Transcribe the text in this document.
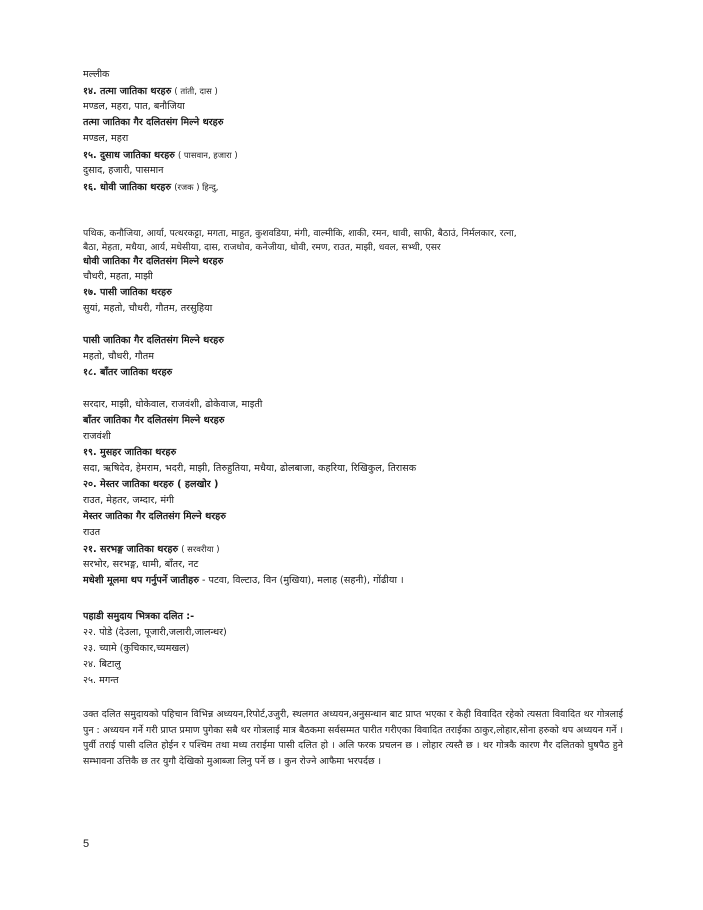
मल्लीक
१४. तत्मा जातिका थरहरु ( तांती, दास )
मण्डल, महरा, पात, बनौजिया
तत्मा जातिका गैर दलितसंग मिल्ने थरहरु
मण्डल, महरा
१५. दुसाध जातिका थरहरु ( पासवान, हजारा )
दुसाद, हजारी, पासमान
१६. धोवी जातिका थरहरु (रजक ) हिन्दु,
पथिक, कनौजिया, आर्या, पत्थरकट्टा, मगता, माहुत, कुशवडिया, मंगी, वाल्मीकि, शाकी, रमन, धावी, साफी, बैठाउं, निर्मलकार, रत्ना,
बैठा, मेहता, मधैया, आर्य, मधेसीया, दास, राजधोव, कनेजीया, धोवी, रमण, राउत, माझी, धवल, सभ्धी, एसर
धोवी जातिका गैर दलितसंग मिल्ने थरहरु
चौधरी, महता, माझी
१७. पासी जातिका थरहरु
सुयां, महतो, चौधरी, गौतम, तरसुहिया
पासी जातिका गैर दलितसंग मिल्ने थरहरु
महतो, चौधरी, गौतम
१८. बाँतर जातिका थरहरु
सरदार, माझी, धोकेवाल, राजवंशी, ढोकेवाज, माइती
बाँतर जातिका गैर दलितसंग मिल्ने थरहरु
राजवंशी
१९. मुसहर जातिका थरहरु
सदा, ऋषिदेव, हेमराम, भदरी, माझी, तिरुहुतिया, मधैया, ढोलबाजा, कहरिया, रिखिकुल, तिरासक
२०. मेस्तर जातिका थरहरु ( हलखोर )
राउत, मेहतर, जम्दार, मंगी
मेस्तर जातिका गैर दलितसंग मिल्ने थरहरु
राउत
२१. सरभङ्ग जातिका थरहरु ( सरवरीया )
सरभोर, सरभङ्ग, धामी, बाँतर, नट
मधेशी मूलमा थप गर्नुपर्ने जातीहरु - पटवा, विल्टाउ, विन (मुखिया), मलाह (सहनी), गोंढीया ।
पहाडी समुदाय भित्रका दलित :-
२२. पोडे (देउला, पूजारी,जलारी,जालन्धर)
२३. च्यामे (कुचिकार,च्यमखल)
२४. बिटालु
२५. मगन्त
उक्त दलित समुदायको पहिचान विभिन्न अध्ययन,रिपोर्ट,उजुरी, स्थलगत अध्ययन,अनुसन्धान बाट प्राप्त भएका र केही विवादित रहेको त्यसता विवादित थर गोत्रलाई पुन : अध्ययन गर्ने गरी प्राप्त प्रमाण पुगेका सबै थर गोत्रलाई मात्र बैठकमा सर्वसम्मत पारीत गरीएका विवादित तराईका ठाकुर,लोहार,सोना हरुको थप अध्ययन गर्ने । पुर्वी तराई पासी दलित होईन र पश्चिम तथा मध्य तराईमा पासी दलित हो । अलि फरक प्रचलन छ । लोहार त्यस्तै छ । थर गोत्रकै कारण गैर दलितको घुषपैठ हुने सम्भावना उत्तिकै छ तर युगौ देखिको मुआब्जा लिनु पर्ने छ । कुन रोज्ने आफैमा भरपर्दछ ।
5
